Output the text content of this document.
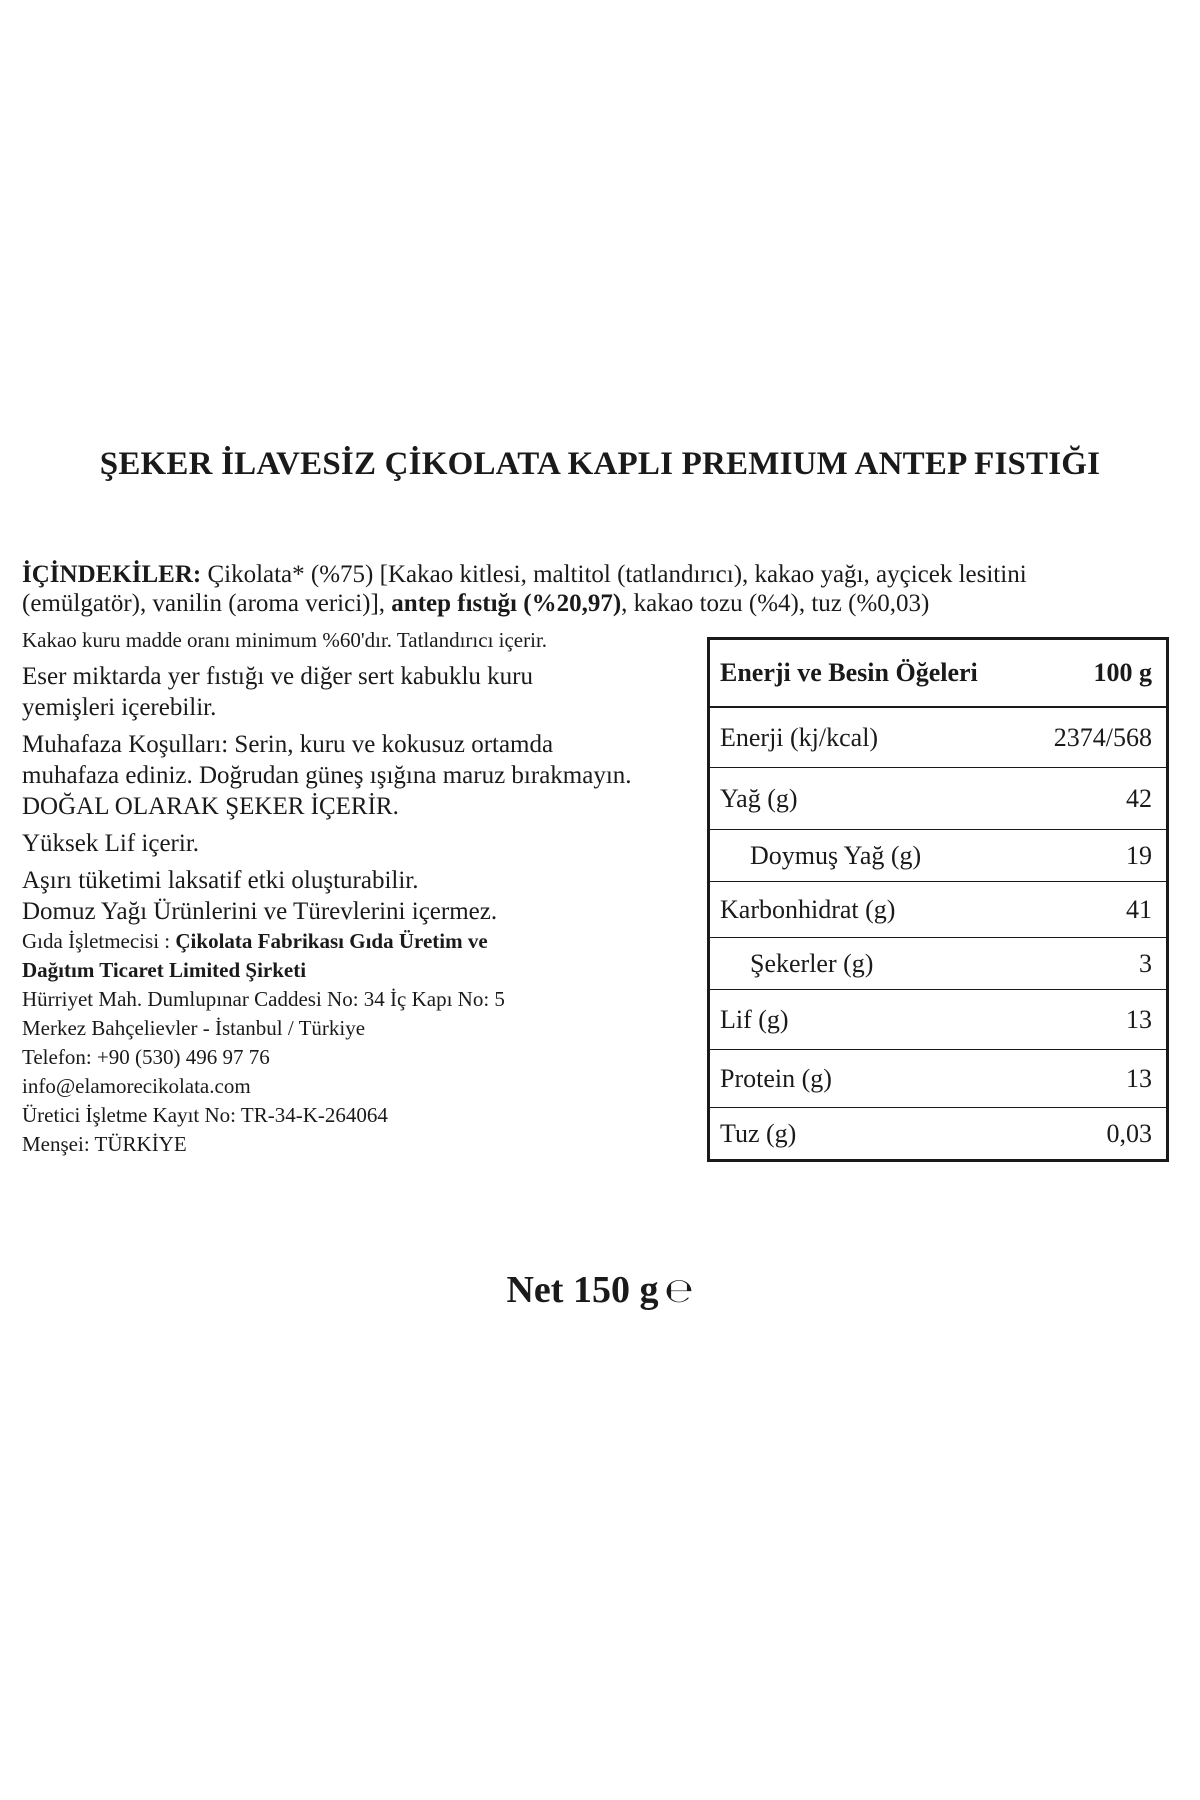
ŞEKER İLAVESİZ ÇİKOLATA KAPLI PREMIUM ANTEP FISTIĞI
İÇİNDEKİLER: Çikolata* (%75) [Kakao kitlesi, maltitol (tatlandırıcı), kakao yağı, ayçicek lesitini
(emülgatör), vanilin (aroma verici)], antep fıstığı (%20,97), kakao tozu (%4), tuz (%0,03)
Kakao kuru madde oranı minimum %60'dır. Tatlandırıcı içerir.
Eser miktarda yer fıstığı ve diğer sert kabuklu kuru
yemişleri içerebilir.
Muhafaza Koşulları: Serin, kuru ve kokusuz ortamda
muhafaza ediniz. Doğrudan güneş ışığına maruz bırakmayın.
DOĞAL OLARAK ŞEKER İÇERİR.
Yüksek Lif içerir.
Aşırı tüketimi laksatif etki oluşturabilir.
Domuz Yağı Ürünlerini ve Türevlerini içermez.
Gıda İşletmecisi : Çikolata Fabrikası Gıda Üretim ve
Dağıtım Ticaret Limited Şirketi
Hürriyet Mah. Dumlupınar Caddesi No: 34 İç Kapı No: 5
Merkez Bahçelievler - İstanbul / Türkiye
Telefon: +90 (530) 496 97 76
info@elamorecikolata.com
Üretici İşletme Kayıt No: TR-34-K-264064
Menşei: TÜRKİYE
Enerji ve Besin Öğeleri	100 g
Enerji (kj/kcal)	2374/568
Yağ (g)	42
Doymuş Yağ (g)	19
Karbonhidrat (g)	41
Şekerler (g)	3
Lif (g)	13
Protein (g)	13
Tuz (g)	0,03
Net 150 g ℮
